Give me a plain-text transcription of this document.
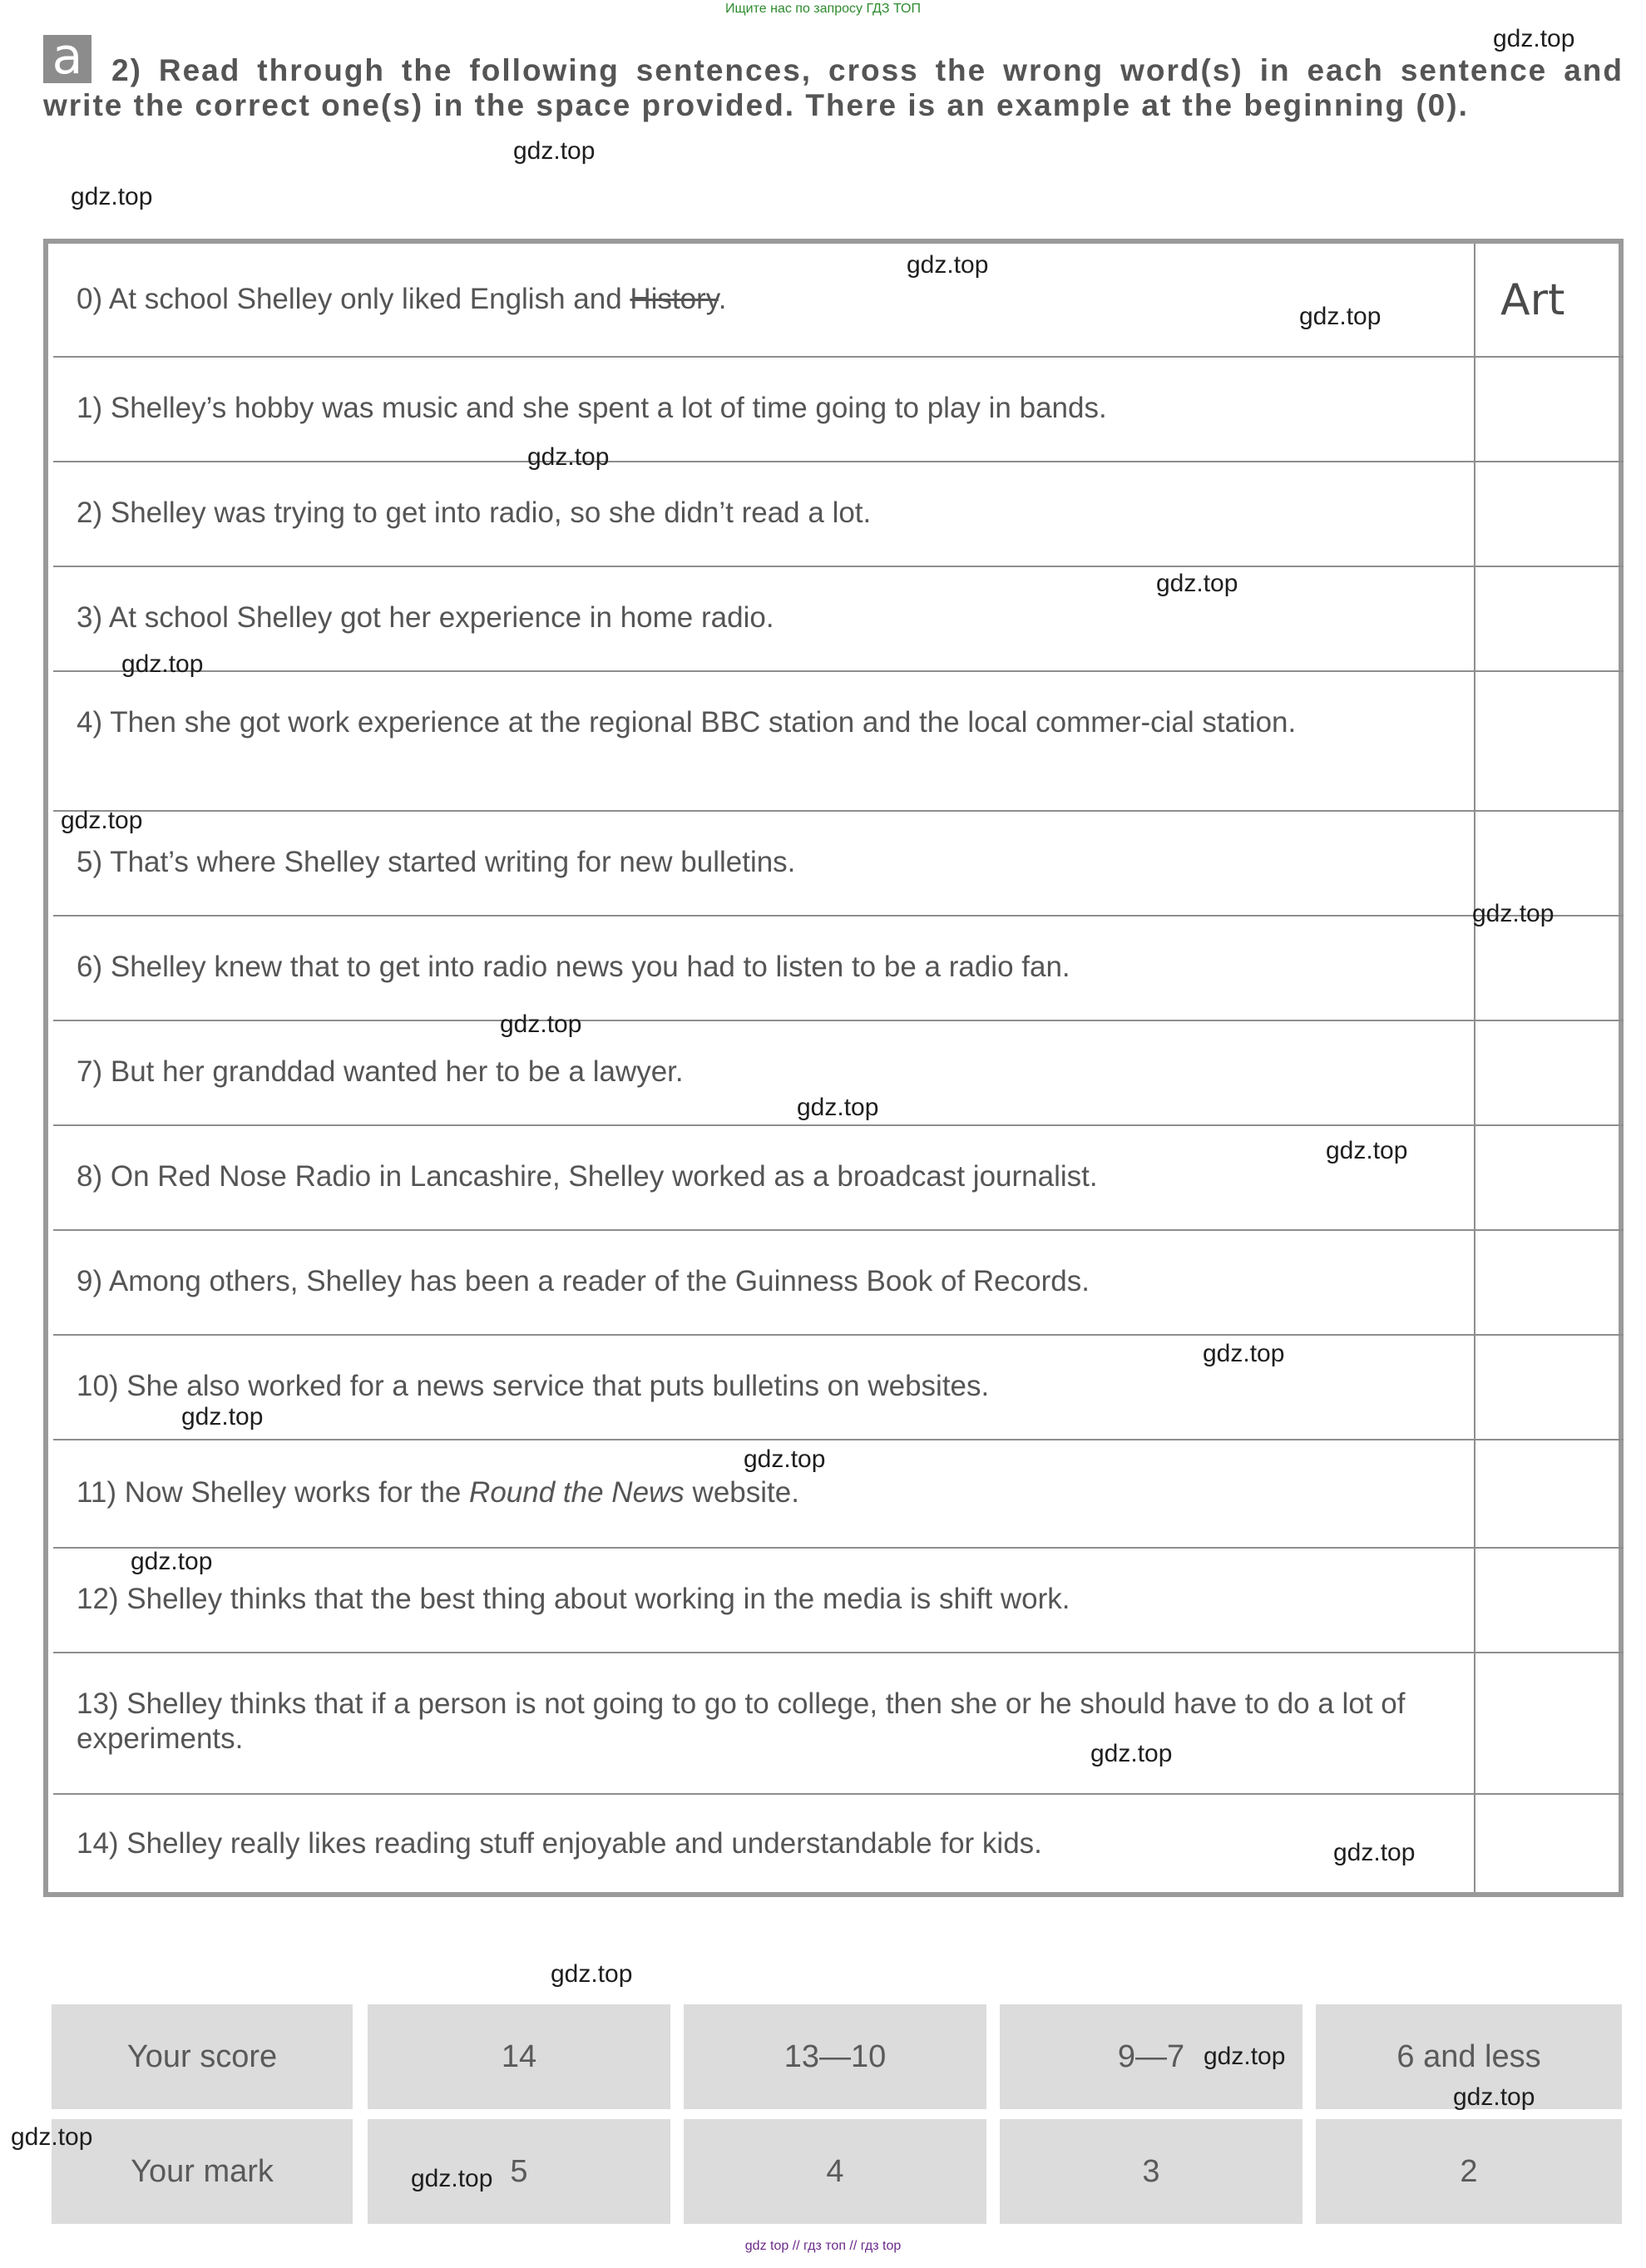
Ищите нас по запросу ГДЗ ТОП
a 2) Read through the following sentences, cross the wrong word(s) in each sentence and write the correct one(s) in the space provided. There is an example at the beginning (0).
0) At school Shelley only liked English and History.	Art
1) Shelley’s hobby was music and she spent a lot of time going to play in bands.
2) Shelley was trying to get into radio, so she didn’t read a lot.
3) At school Shelley got her experience in home radio.
4) Then she got work experience at the regional BBC station and the local commer-cial station.
5) That’s where Shelley started writing for new bulletins.
6) Shelley knew that to get into radio news you had to listen to be a radio fan.
7) But her granddad wanted her to be a lawyer.
8) On Red Nose Radio in Lancashire, Shelley worked as a broadcast journalist.
9) Among others, Shelley has been a reader of the Guinness Book of Records.
10) She also worked for a news service that puts bulletins on websites.
11) Now Shelley works for the Round the News website.
12) Shelley thinks that the best thing about working in the media is shift work.
13) Shelley thinks that if a person is not going to go to college, then she or he should have to do a lot of experiments.
14) Shelley really likes reading stuff enjoyable and understandable for kids.
Your score	14	13—10	9—7	6 and less
Your mark	5	4	3	2
gdz.top
gdz.top
gdz.top
gdz.top
gdz.top
gdz.top
gdz.top
gdz.top
gdz.top
gdz.top
gdz.top
gdz.top
gdz.top
gdz.top
gdz.top
gdz.top
gdz.top
gdz.top
gdz.top
gdz.top
gdz.top
gdz.top
gdz.top
gdz.top
gdz top // гдз топ // гдз top
